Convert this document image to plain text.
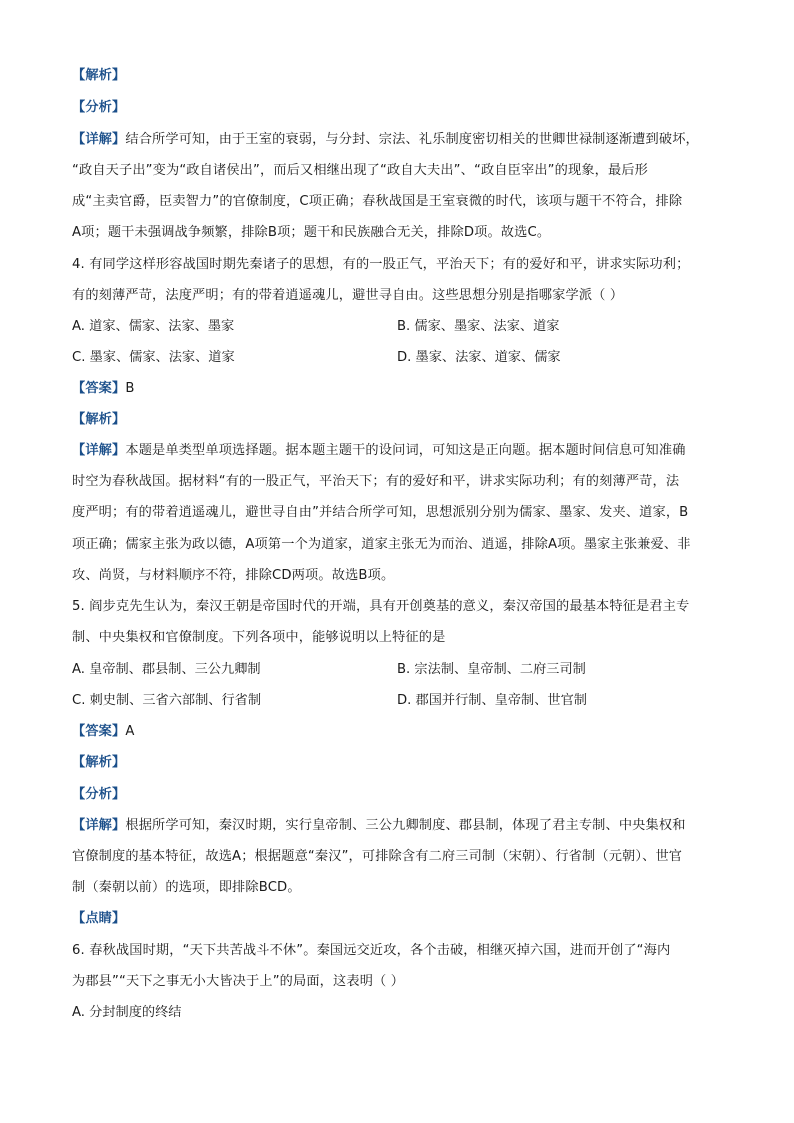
【解析】
【分析】
【详解】结合所学可知，由于王室的衰弱，与分封、宗法、礼乐制度密切相关的世卿世禄制逐渐遭到破坏，
“政自天子出”变为“政自诸侯出”，而后又相继出现了“政自大夫出”、“政自臣宰出”的现象，最后形
成“主卖官爵，臣卖智力”的官僚制度，C项正确；春秋战国是王室衰微的时代，该项与题干不符合，排除
A项；题干未强调战争频繁，排除B项；题干和民族融合无关，排除D项。故选C。
4. 有同学这样形容战国时期先秦诸子的思想，有的一股正气，平治天下；有的爱好和平，讲求实际功利；
有的刻薄严苛，法度严明；有的带着逍遥魂儿，避世寻自由。这些思想分别是指哪家学派（ ）
A. 道家、儒家、法家、墨家	B. 儒家、墨家、法家、道家
C. 墨家、儒家、法家、道家	D. 墨家、法家、道家、儒家
【答案】B
【解析】
【详解】本题是单类型单项选择题。据本题主题干的设问词，可知这是正向题。据本题时间信息可知准确
时空为春秋战国。据材料“有的一股正气，平治天下；有的爱好和平，讲求实际功利；有的刻薄严苛，法
度严明；有的带着逍遥魂儿，避世寻自由”并结合所学可知，思想派别分别为儒家、墨家、发夹、道家，B
项正确；儒家主张为政以德，A项第一个为道家，道家主张无为而治、逍遥，排除A项。墨家主张兼爱、非
攻、尚贤，与材料顺序不符，排除CD两项。故选B项。
5. 阎步克先生认为，秦汉王朝是帝国时代的开端，具有开创奠基的意义，秦汉帝国的最基本特征是君主专
制、中央集权和官僚制度。下列各项中，能够说明以上特征的是
A. 皇帝制、郡县制、三公九卿制	B. 宗法制、皇帝制、二府三司制
C. 刺史制、三省六部制、行省制	D. 郡国并行制、皇帝制、世官制
【答案】A
【解析】
【分析】
【详解】根据所学可知，秦汉时期，实行皇帝制、三公九卿制度、郡县制，体现了君主专制、中央集权和
官僚制度的基本特征，故选A；根据题意“秦汉”，可排除含有二府三司制（宋朝）、行省制（元朝）、世官
制（秦朝以前）的选项，即排除BCD。
【点睛】
6. 春秋战国时期，“天下共苦战斗不休”。秦国远交近攻，各个击破，相继灭掉六国，进而开创了“海内
为郡县”“天下之事无小大皆决于上”的局面，这表明（ ）
A. 分封制度的终结
